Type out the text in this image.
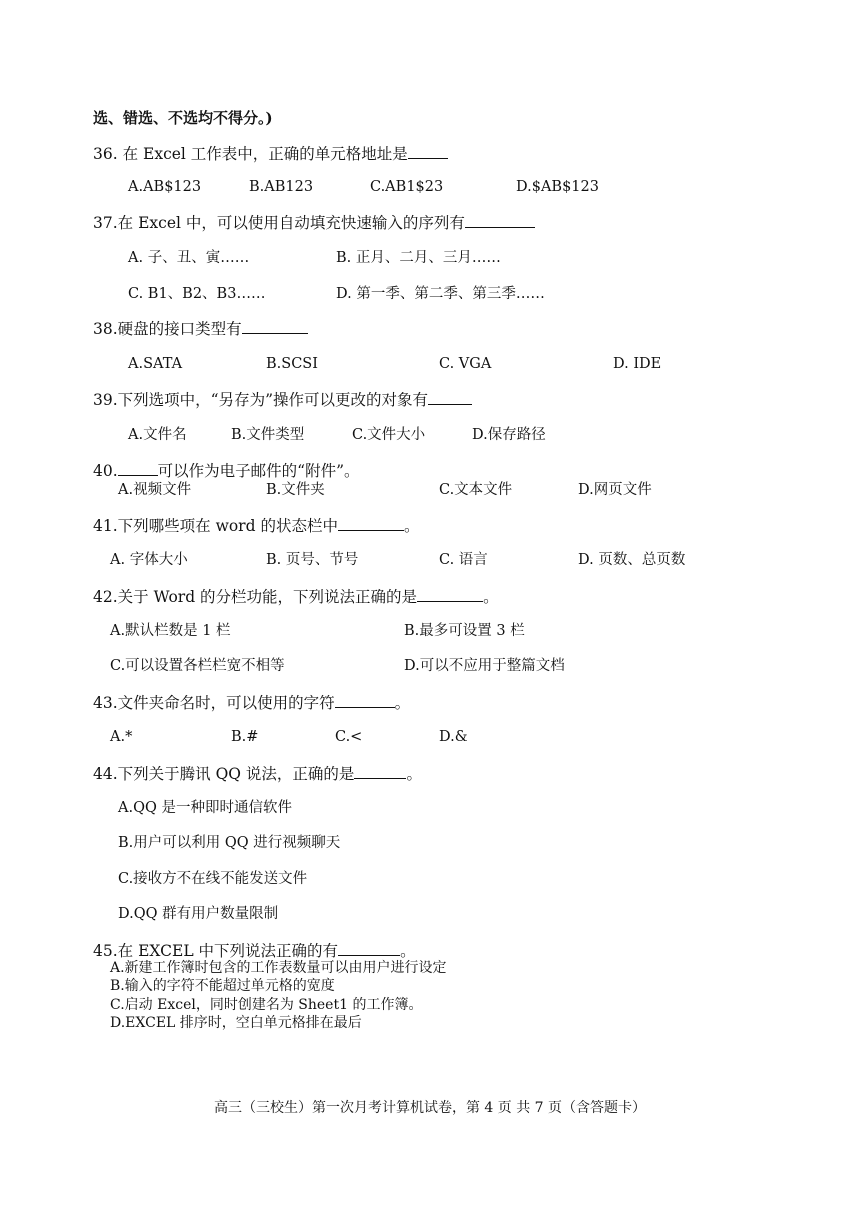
选、错选、不选均不得分。)
36. 在 Excel 工作表中，正确的单元格地址是
A.AB$123	B.AB123	C.AB1$23	D.$AB$123
37.在 Excel 中，可以使用自动填充快速输入的序列有
A. 子、丑、寅……	B. 正月、二月、三月……
C. B1、B2、B3……	D. 第一季、第二季、第三季……
38.硬盘的接口类型有
A.SATA	B.SCSI	C. VGA	D. IDE
39.下列选项中，“另存为”操作可以更改的对象有
A.文件名	B.文件类型	C.文件大小	D.保存路径
40.	可以作为电子邮件的“附件”。
A.视频文件	B.文件夹	C.文本文件	D.网页文件
41.下列哪些项在 word 的状态栏中	。
A. 字体大小	B. 页号、节号	C. 语言	D. 页数、总页数
42.关于 Word 的分栏功能，下列说法正确的是	。
A.默认栏数是 1 栏	B.最多可设置 3 栏
C.可以设置各栏栏宽不相等	D.可以不应用于整篇文档
43.文件夹命名时，可以使用的字符	。
A.*	B.#	C.<	D.&
44.下列关于腾讯 QQ 说法，正确的是	。
A.QQ 是一种即时通信软件
B.用户可以利用 QQ 进行视频聊天
C.接收方不在线不能发送文件
D.QQ 群有用户数量限制
45.在 EXCEL 中下列说法正确的有	。
A.新建工作簿时包含的工作表数量可以由用户进行设定
B.输入的字符不能超过单元格的宽度
C.启动 Excel，同时创建名为 Sheet1 的工作簿。
D.EXCEL 排序时，空白单元格排在最后
高三（三校生）第一次月考计算机试卷，第 4 页 共 7 页（含答题卡）
